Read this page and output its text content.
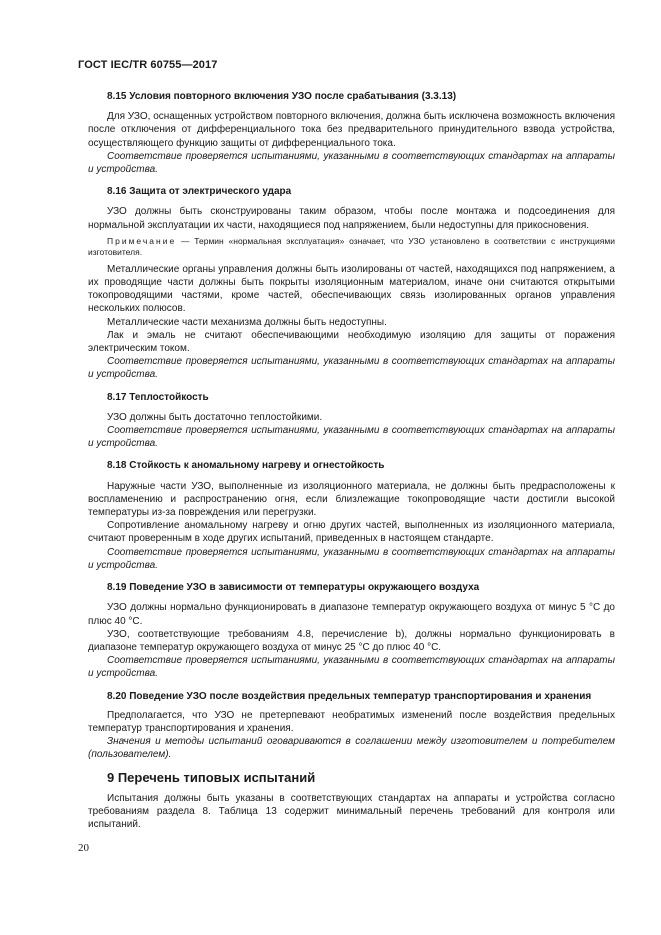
ГОСТ IEC/TR 60755—2017
8.15 Условия повторного включения УЗО после срабатывания (3.3.13)

Для УЗО, оснащенных устройством повторного включения, должна быть исключена возможность включения после отключения от дифференциального тока без предварительного принудительного взвода устройства, осуществляющего функцию защиты от дифференциального тока.

Соответствие проверяется испытаниями, указанными в соответствующих стандартах на аппараты и устройства.

8.16 Защита от электрического удара

УЗО должны быть сконструированы таким образом, чтобы после монтажа и подсоединения для нормальной эксплуатации их части, находящиеся под напряжением, были недоступны для прикосновения.

Примечание — Термин «нормальная эксплуатация» означает, что УЗО установлено в соответствии с инструкциями изготовителя.

Металлические органы управления должны быть изолированы от частей, находящихся под напряжением, а их проводящие части должны быть покрыты изоляционным материалом, иначе они считаются открытыми токопроводящими частями, кроме частей, обеспечивающих связь изолированных органов управления нескольких полюсов.

Металлические части механизма должны быть недоступны.

Лак и эмаль не считают обеспечивающими необходимую изоляцию для защиты от поражения электрическим током.

Соответствие проверяется испытаниями, указанными в соответствующих стандартах на аппараты и устройства.

8.17 Теплостойкость

УЗО должны быть достаточно теплостойкими.

Соответствие проверяется испытаниями, указанными в соответствующих стандартах на аппараты и устройства.

8.18 Стойкость к аномальному нагреву и огнестойкость

Наружные части УЗО, выполненные из изоляционного материала, не должны быть предрасположены к воспламенению и распространению огня, если близлежащие токопроводящие части достигли высокой температуры из-за повреждения или перегрузки.

Сопротивление аномальному нагреву и огню других частей, выполненных из изоляционного материала, считают проверенным в ходе других испытаний, приведенных в настоящем стандарте.

Соответствие проверяется испытаниями, указанными в соответствующих стандартах на аппараты и устройства.

8.19 Поведение УЗО в зависимости от температуры окружающего воздуха

УЗО должны нормально функционировать в диапазоне температур окружающего воздуха от минус 5 °C до плюс 40 °C.

УЗО, соответствующие требованиям 4.8, перечисление b), должны нормально функционировать в диапазоне температур окружающего воздуха от минус 25 °C до плюс 40 °C.

Соответствие проверяется испытаниями, указанными в соответствующих стандартах на аппараты и устройства.

8.20 Поведение УЗО после воздействия предельных температур транспортирования и хранения

Предполагается, что УЗО не претерпевают необратимых изменений после воздействия предельных температур транспортирования и хранения.

Значения и методы испытаний оговариваются в соглашении между изготовителем и потребителем (пользователем).

9 Перечень типовых испытаний

Испытания должны быть указаны в соответствующих стандартах на аппараты и устройства согласно требованиям раздела 8. Таблица 13 содержит минимальный перечень требований для контроля или испытаний.

20
